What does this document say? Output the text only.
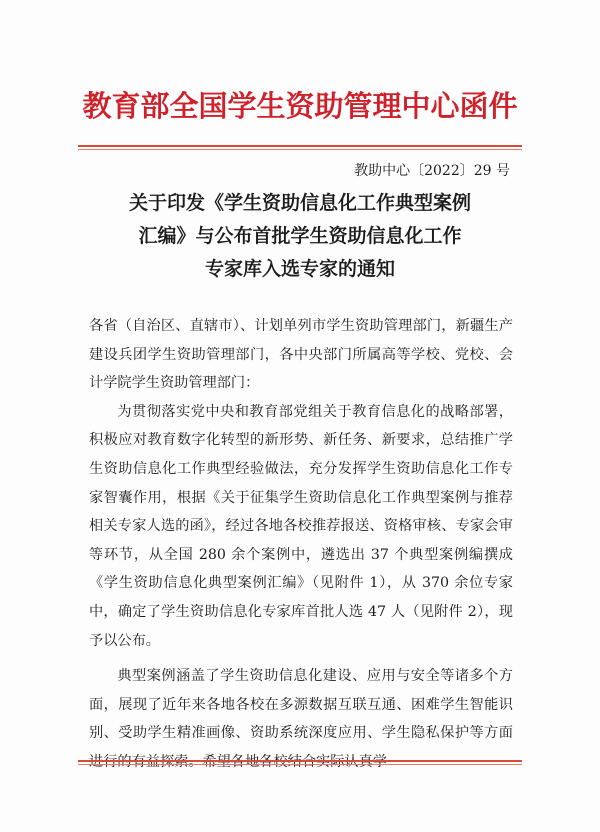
教育部全国学生资助管理中心函件
教助中心〔2022〕29 号
关于印发《学生资助信息化工作典型案例
汇编》与公布首批学生资助信息化工作
专家库入选专家的通知

各省（自治区、直辖市）、计划单列市学生资助管理部门，新疆生产建设兵团学生资助管理部门，各中央部门所属高等学校、党校、会计学院学生资助管理部门：

为贯彻落实党中央和教育部党组关于教育信息化的战略部署，积极应对教育数字化转型的新形势、新任务、新要求，总结推广学生资助信息化工作典型经验做法，充分发挥学生资助信息化工作专家智囊作用，根据《关于征集学生资助信息化工作典型案例与推荐相关专家人选的函》，经过各地各校推荐报送、资格审核、专家会审等环节，从全国 280 余个案例中，遴选出 37 个典型案例编撰成《学生资助信息化典型案例汇编》（见附件 1），从 370 余位专家中，确定了学生资助信息化专家库首批人选 47 人（见附件 2），现予以公布。

典型案例涵盖了学生资助信息化建设、应用与安全等诸多个方面，展现了近年来各地各校在多源数据互联互通、困难学生智能识别、受助学生精准画像、资助系统深度应用、学生隐私保护等方面
